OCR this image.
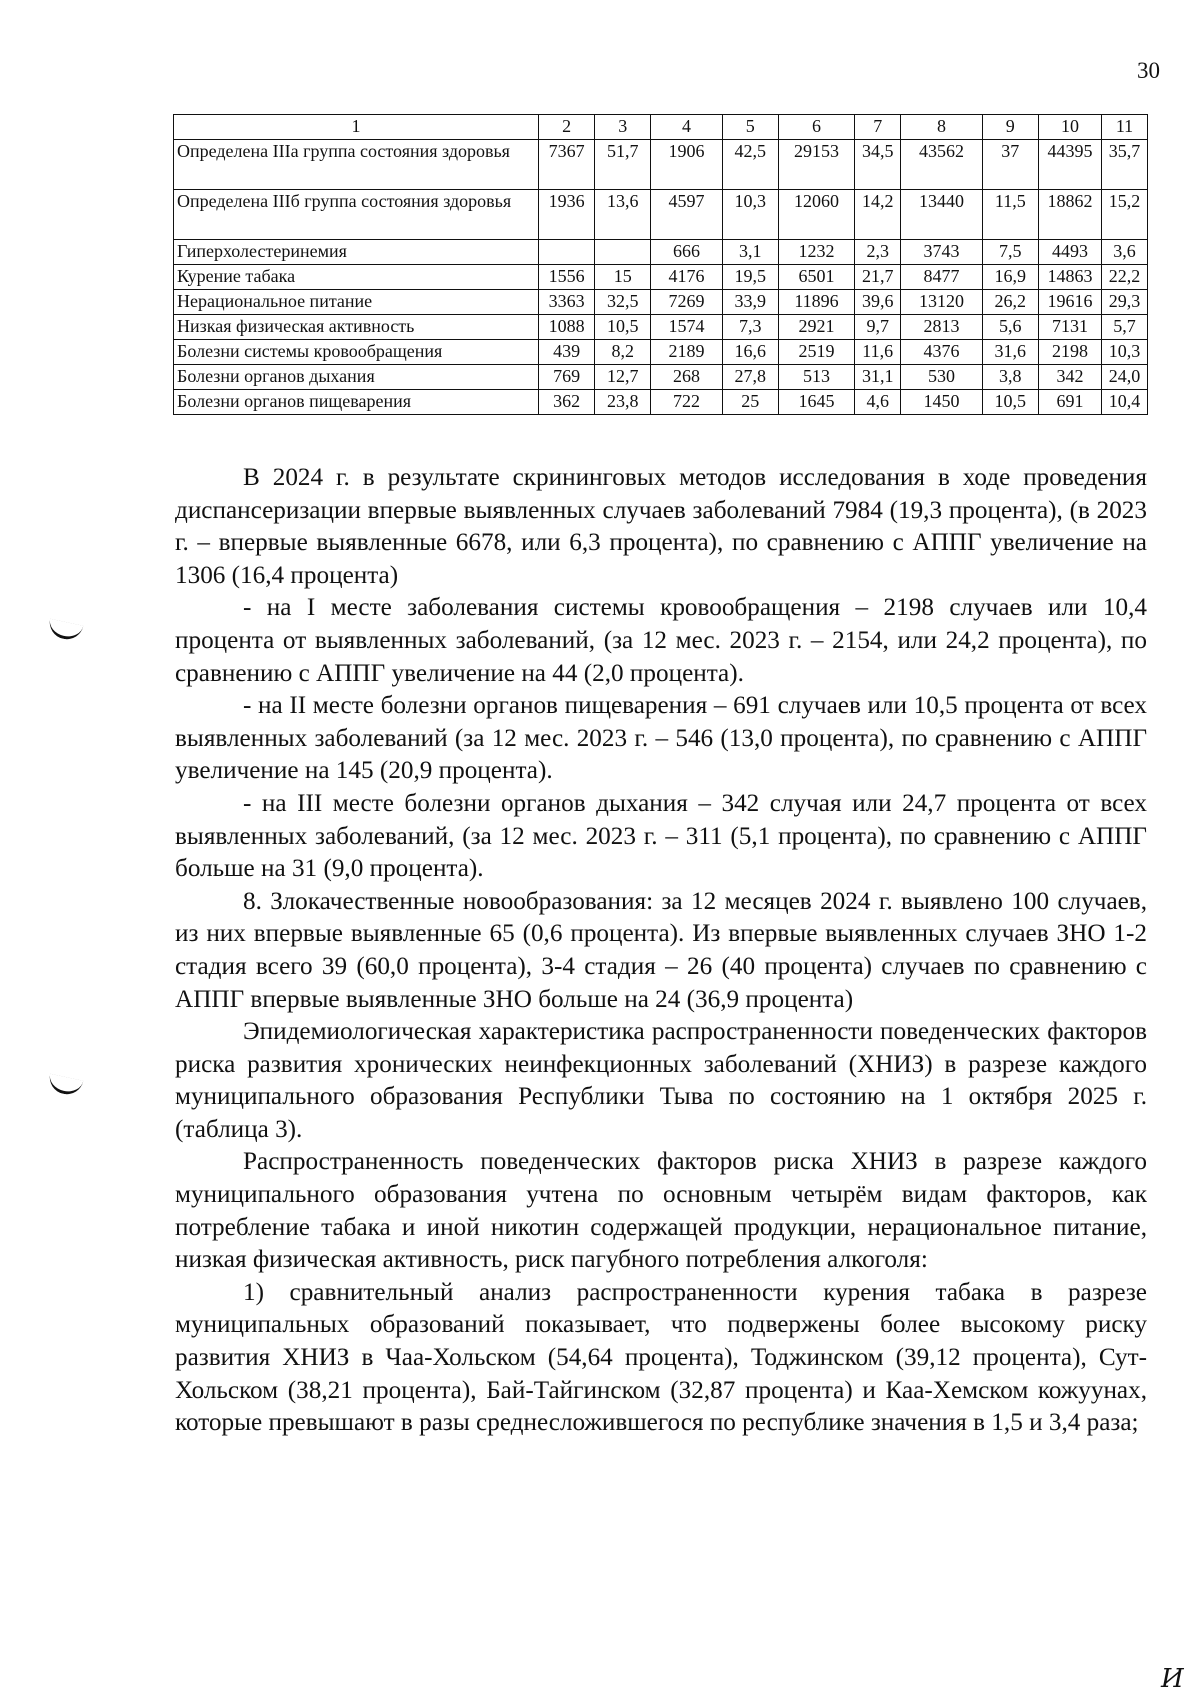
30
1	2	3	4	5	6	7	8	9	10	11
Определена IIIа группа состояния здоровья	7367	51,7	1906	42,5	29153	34,5	43562	37	44395	35,7
Определена IIIб группа состояния здоровья	1936	13,6	4597	10,3	12060	14,2	13440	11,5	18862	15,2
Гиперхолестеринемия			666	3,1	1232	2,3	3743	7,5	4493	3,6
Курение табака	1556	15	4176	19,5	6501	21,7	8477	16,9	14863	22,2
Нерациональное питание	3363	32,5	7269	33,9	11896	39,6	13120	26,2	19616	29,3
Низкая физическая активность	1088	10,5	1574	7,3	2921	9,7	2813	5,6	7131	5,7
Болезни системы кровообращения	439	8,2	2189	16,6	2519	11,6	4376	31,6	2198	10,3
Болезни органов дыхания	769	12,7	268	27,8	513	31,1	530	3,8	342	24,0
Болезни органов пищеварения	362	23,8	722	25	1645	4,6	1450	10,5	691	10,4

В 2024 г. в результате скрининговых методов исследования в ходе проведения диспансеризации впервые выявленных случаев заболеваний 7984 (19,3 процента), (в 2023 г. – впервые выявленные 6678, или 6,3 процента), по сравнению с АППГ увеличение на 1306 (16,4 процента)

- на I месте заболевания системы кровообращения – 2198 случаев или 10,4 процента от выявленных заболеваний, (за 12 мес. 2023 г. – 2154, или 24,2 процента), по сравнению с АППГ увеличение на 44 (2,0 процента).

- на II месте болезни органов пищеварения – 691 случаев или 10,5 процента от всех выявленных заболеваний (за 12 мес. 2023 г. – 546 (13,0 процента), по сравнению с АППГ увеличение на 145 (20,9 процента).

- на III месте болезни органов дыхания – 342 случая или 24,7 процента от всех выявленных заболеваний, (за 12 мес. 2023 г. – 311 (5,1 процента), по сравнению с АППГ больше на 31 (9,0 процента).

8. Злокачественные новообразования: за 12 месяцев 2024 г. выявлено 100 случаев, из них впервые выявленные 65 (0,6 процента). Из впервые выявленных случаев ЗНО 1-2 стадия всего 39 (60,0 процента), 3-4 стадия – 26 (40 процента) случаев по сравнению с АППГ впервые выявленные ЗНО больше на 24 (36,9 процента)

Эпидемиологическая характеристика распространенности поведенческих факторов риска развития хронических неинфекционных заболеваний (ХНИЗ) в разрезе каждого муниципального образования Республики Тыва по состоянию на 1 октября 2025 г. (таблица 3).

Распространенность поведенческих факторов риска ХНИЗ в разрезе каждого муниципального образования учтена по основным четырём видам факторов, как потребление табака и иной никотин содержащей продукции, нерациональное питание, низкая физическая активность, риск пагубного потребления алкоголя:

1) сравнительный анализ распространенности курения табака в разрезе муниципальных образований показывает, что подвержены более высокому риску развития ХНИЗ в Чаа-Хольском (54,64 процента), Тоджинском (39,12 процента), Сут-Хольском (38,21 процента), Бай-Тайгинском (32,87 процента) и Каа-Хемском кожуунах, которые превышают в разы среднесложившегося по республике значения в 1,5 и 3,4 раза;

И
